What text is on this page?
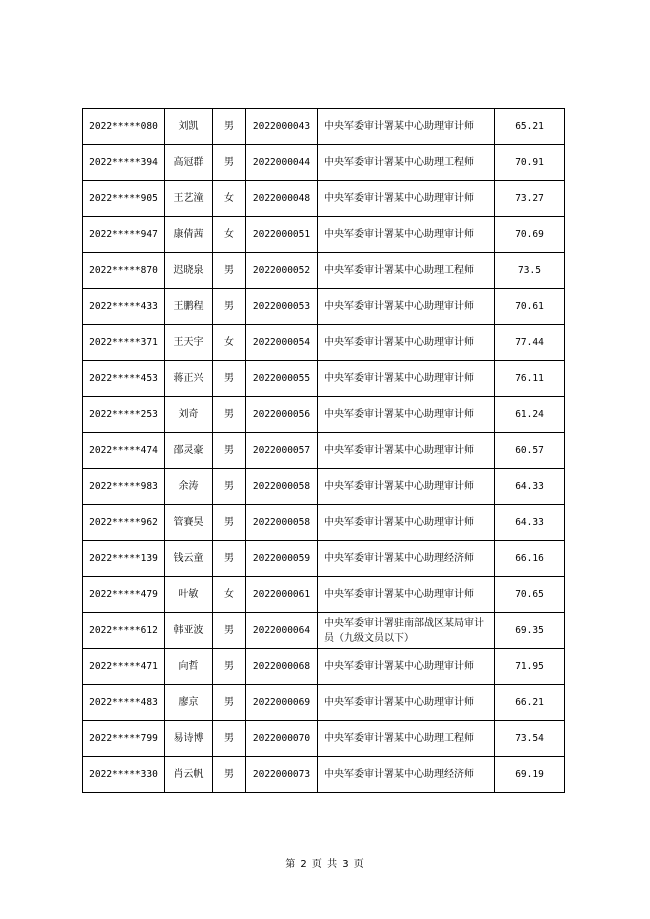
2022*****080	刘凯	男	2022000043	中央军委审计署某中心助理审计师	65.21
2022*****394	高冠群	男	2022000044	中央军委审计署某中心助理工程师	70.91
2022*****905	王艺潼	女	2022000048	中央军委审计署某中心助理审计师	73.27
2022*****947	康倩茜	女	2022000051	中央军委审计署某中心助理审计师	70.69
2022*****870	迟晓泉	男	2022000052	中央军委审计署某中心助理工程师	73.5
2022*****433	王鹏程	男	2022000053	中央军委审计署某中心助理审计师	70.61
2022*****371	王天宇	女	2022000054	中央军委审计署某中心助理审计师	77.44
2022*****453	蒋正兴	男	2022000055	中央军委审计署某中心助理审计师	76.11
2022*****253	刘奇	男	2022000056	中央军委审计署某中心助理审计师	61.24
2022*****474	邵灵豪	男	2022000057	中央军委审计署某中心助理审计师	60.57
2022*****983	余涛	男	2022000058	中央军委审计署某中心助理审计师	64.33
2022*****962	管賽昊	男	2022000058	中央军委审计署某中心助理审计师	64.33
2022*****139	钱云童	男	2022000059	中央军委审计署某中心助理经济师	66.16
2022*****479	叶敏	女	2022000061	中央军委审计署某中心助理审计师	70.65
2022*****612	韩亚波	男	2022000064	中央军委审计署驻南部战区某局审计员（九级文员以下）	69.35
2022*****471	向哲	男	2022000068	中央军委审计署某中心助理审计师	71.95
2022*****483	廖京	男	2022000069	中央军委审计署某中心助理审计师	66.21
2022*****799	易诗博	男	2022000070	中央军委审计署某中心助理工程师	73.54
2022*****330	肖云帆	男	2022000073	中央军委审计署某中心助理经济师	69.19
第 2 页 共 3 页
